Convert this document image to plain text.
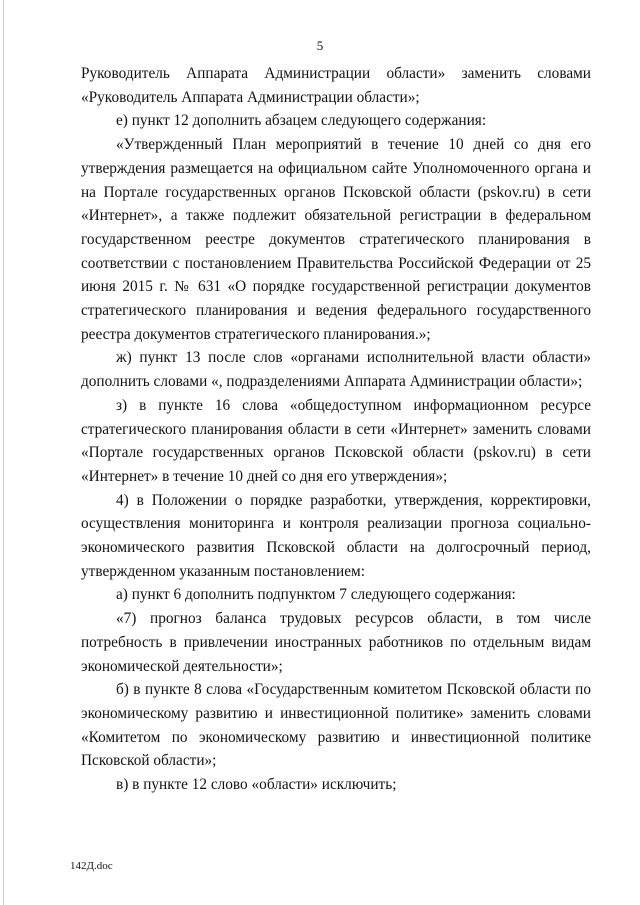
5

Руководитель Аппарата Администрации области» заменить словами «Руководитель Аппарата Администрации области»;

е) пункт 12 дополнить абзацем следующего содержания:

«Утвержденный План мероприятий в течение 10 дней со дня его утверждения размещается на официальном сайте Уполномоченного органа и на Портале государственных органов Псковской области (pskov.ru) в сети «Интернет», а также подлежит обязательной регистрации в федеральном государственном реестре документов стратегического планирования в соответствии с постановлением Правительства Российской Федерации от 25 июня 2015 г. № 631 «О порядке государственной регистрации документов стратегического планирования и ведения федерального государственного реестра документов стратегического планирования.»;

ж) пункт 13 после слов «органами исполнительной власти области» дополнить словами «, подразделениями Аппарата Администрации области»;

з) в пункте 16 слова «общедоступном информационном ресурсе стратегического планирования области в сети «Интернет» заменить словами «Портале государственных органов Псковской области (pskov.ru) в сети «Интернет» в течение 10 дней со дня его утверждения»;

4) в Положении о порядке разработки, утверждения, корректировки, осуществления мониторинга и контроля реализации прогноза социально-экономического развития Псковской области на долгосрочный период, утвержденном указанным постановлением:

а) пункт 6 дополнить подпунктом 7 следующего содержания:

«7) прогноз баланса трудовых ресурсов области, в том числе потребность в привлечении иностранных работников по отдельным видам экономической деятельности»;

б) в пункте 8 слова «Государственным комитетом Псковской области по экономическому развитию и инвестиционной политике» заменить словами «Комитетом по экономическому развитию и инвестиционной политике Псковской области»;

в) в пункте 12 слово «области» исключить;

142Д.doc
